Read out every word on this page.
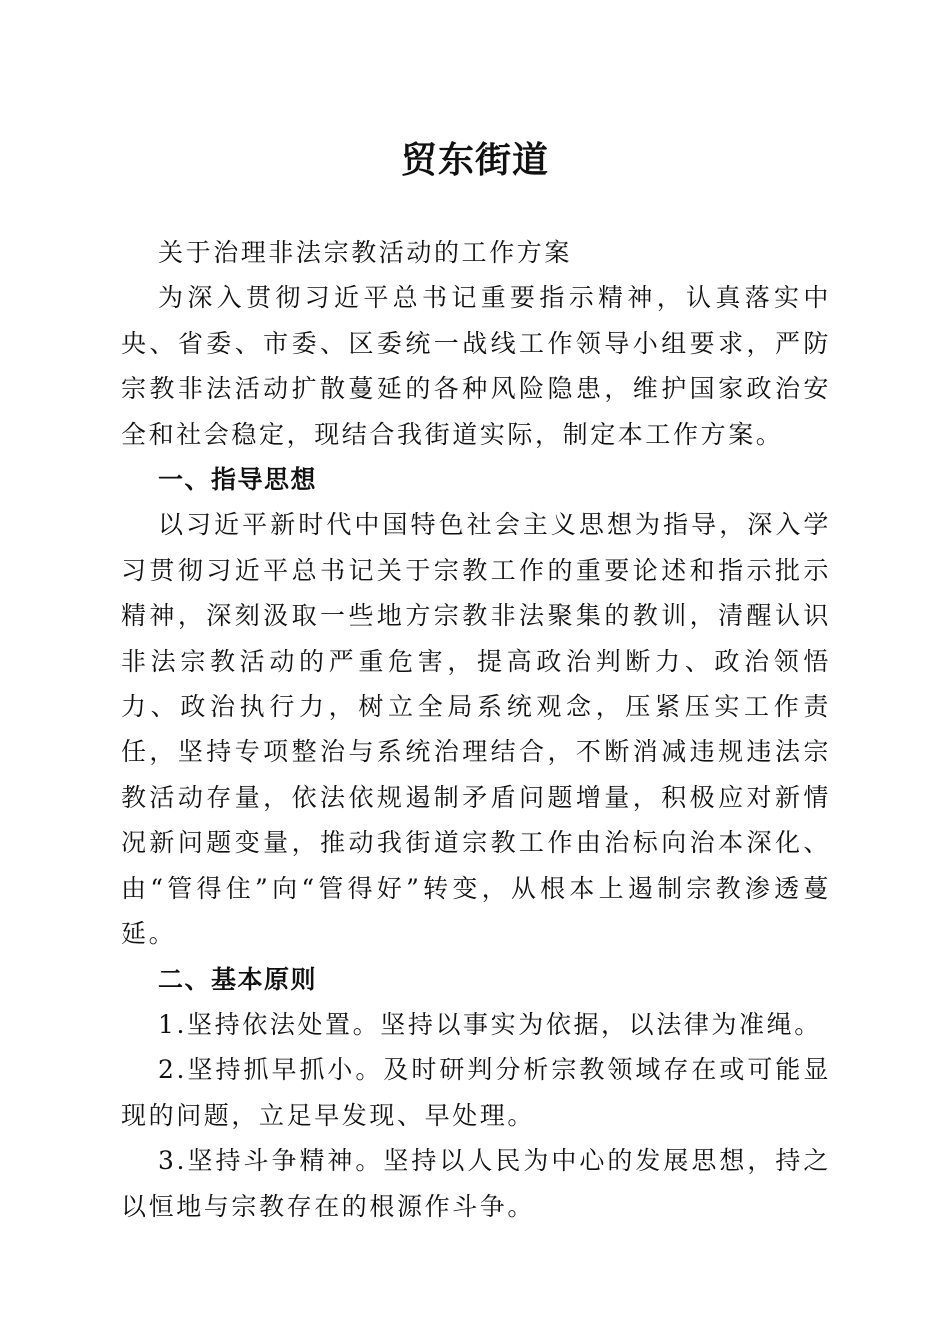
贸东街道

关于治理非法宗教活动的工作方案

为深入贯彻习近平总书记重要指示精神，认真落实中央、省委、市委、区委统一战线工作领导小组要求，严防宗教非法活动扩散蔓延的各种风险隐患，维护国家政治安全和社会稳定，现结合我街道实际，制定本工作方案。

一、指导思想

以习近平新时代中国特色社会主义思想为指导，深入学习贯彻习近平总书记关于宗教工作的重要论述和指示批示精神，深刻汲取一些地方宗教非法聚集的教训，清醒认识非法宗教活动的严重危害，提高政治判断力、政治领悟力、政治执行力，树立全局系统观念，压紧压实工作责任，坚持专项整治与系统治理结合，不断消减违规违法宗教活动存量，依法依规遏制矛盾问题增量，积极应对新情况新问题变量，推动我街道宗教工作由治标向治本深化、由“管得住”向“管得好”转变，从根本上遏制宗教渗透蔓延。

二、基本原则

1.坚持依法处置。坚持以事实为依据，以法律为准绳。

2.坚持抓早抓小。及时研判分析宗教领域存在或可能显现的问题，立足早发现、早处理。

3.坚持斗争精神。坚持以人民为中心的发展思想，持之以恒地与宗教存在的根源作斗争。
